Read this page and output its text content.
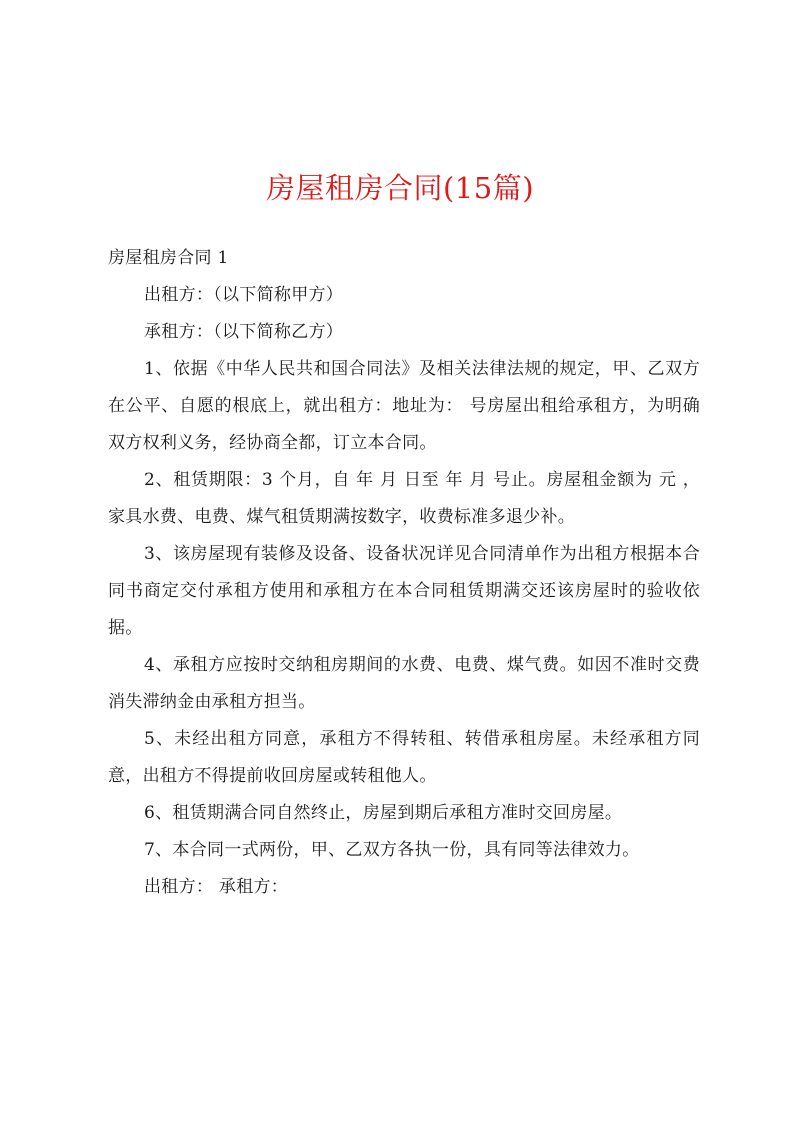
房屋租房合同(15篇)

房屋租房合同 1

出租方：（以下简称甲方）

承租方：（以下简称乙方）

1、依据《中华人民共和国合同法》及相关法律法规的规定，甲、乙双方在公平、自愿的根底上，就出租方：地址为： 号房屋出租给承租方，为明确双方权利义务，经协商全都，订立本合同。

2、租赁期限：3 个月，自 年 月 日至 年 月 号止。房屋租金额为 元 ， 家具水费、电费、煤气租赁期满按数字，收费标准多退少补。

3、该房屋现有装修及设备、设备状况详见合同清单作为出租方根据本合同书商定交付承租方使用和承租方在本合同租赁期满交还该房屋时的验收依据。

4、承租方应按时交纳租房期间的水费、电费、煤气费。如因不准时交费消失滞纳金由承租方担当。

5、未经出租方同意，承租方不得转租、转借承租房屋。未经承租方同意，出租方不得提前收回房屋或转租他人。

6、租赁期满合同自然终止，房屋到期后承租方准时交回房屋。

7、本合同一式两份，甲、乙双方各执一份，具有同等法律效力。

出租方： 承租方：
